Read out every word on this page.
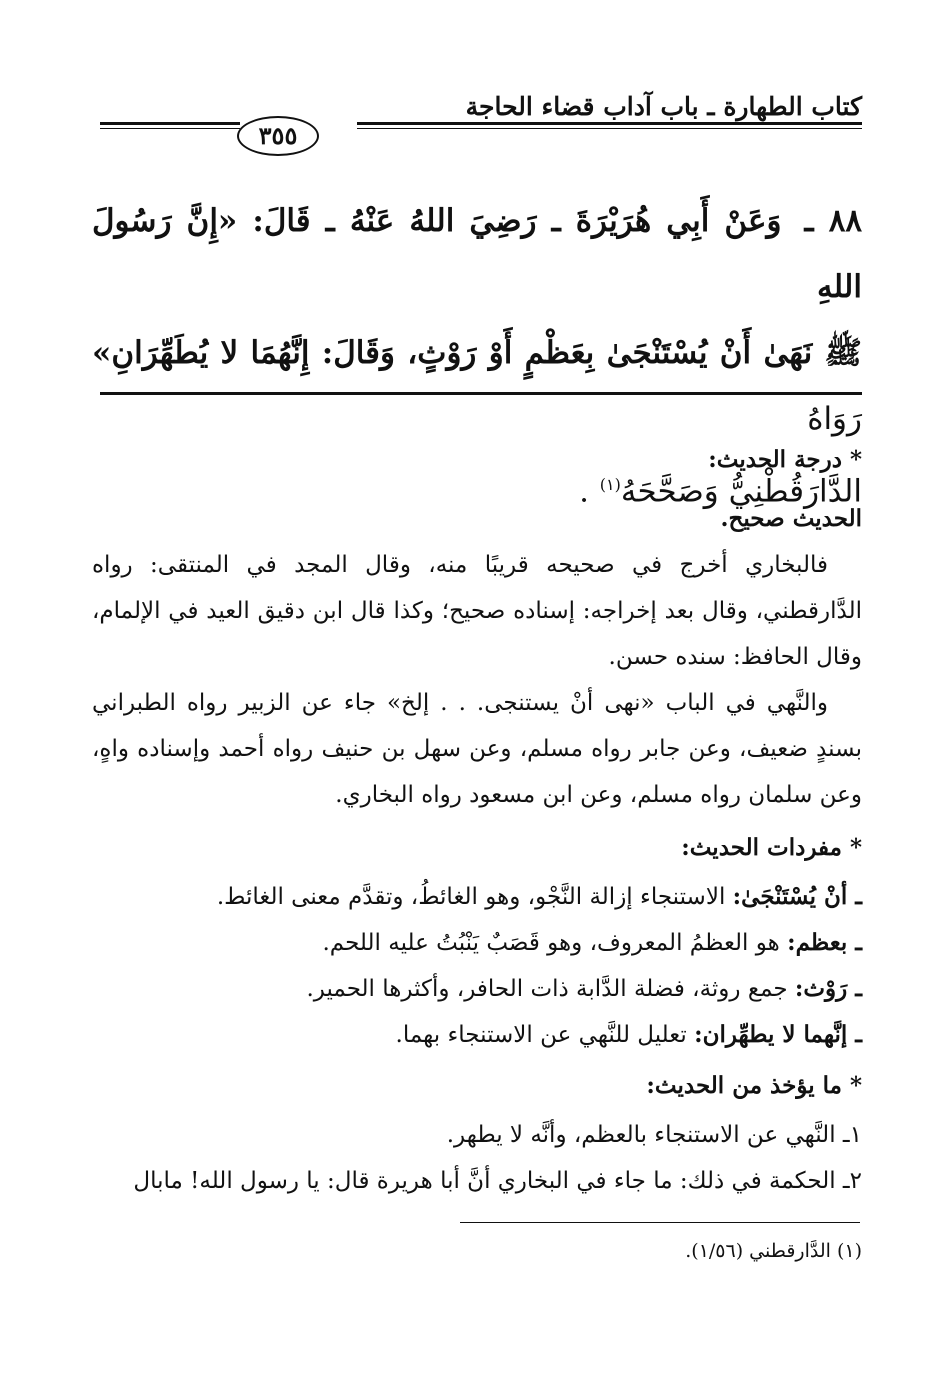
كتاب الطهارة ـ باب آداب قضاء الحاجة
٣٥٥
٨٨ ـ وَعَنْ أَبِي هُرَيْرَةَ ـ رَضِيَ اللهُ عَنْهُ ـ قَالَ: «إِنَّ رَسُولَ اللهِ
ﷺ نَهَىٰ أَنْ يُسْتَنْجَىٰ بِعَظْمٍ أَوْ رَوْثٍ، وَقَالَ: إِنَّهُمَا لا يُطَهِّرَانِ» رَوَاهُ
الدَّارَقُطْنِيُّ وَصَحَّحَهُ$^{(١)}$ .
* درجة الحديث:

الحديث صحيح.

فالبخاري أخرج في صحيحه قريبًا منه، وقال المجد في المنتقى: رواه الدَّارقطني، وقال بعد إخراجه: إسناده صحيح؛ وكذا قال ابن دقيق العيد في الإلمام، وقال الحافظ: سنده حسن.

والنَّهي في الباب «نهى أنْ يستنجى. . . إلخ» جاء عن الزبير رواه الطبراني بسندٍ ضعيف، وعن جابر رواه مسلم، وعن سهل بن حنيف رواه أحمد وإسناده واهٍ، وعن سلمان رواه مسلم، وعن ابن مسعود رواه البخاري.

* مفردات الحديث:

ـ أنْ يُسْتَنْجَىٰ: الاستنجاء إزالة النَّجْو، وهو الغائطُ، وتقدَّم معنى الغائط.

ـ بعظم: هو العظمُ المعروف، وهو قَصَبٌ يَنْبُتُ عليه اللحم.

ـ رَوْث: جمع روثة، فضلة الدَّابة ذات الحافر، وأكثرها الحمير.

ـ إنَّهما لا يطهِّران: تعليل للنَّهي عن الاستنجاء بهما.

* ما يؤخذ من الحديث:

١ـ النَّهي عن الاستنجاء بالعظم، وأنَّه لا يطهر.

٢ـ الحكمة في ذلك: ما جاء في البخاري أنَّ أبا هريرة قال: يا رسول الله! مابال

(١) الدَّارقطني (١/٥٦).
